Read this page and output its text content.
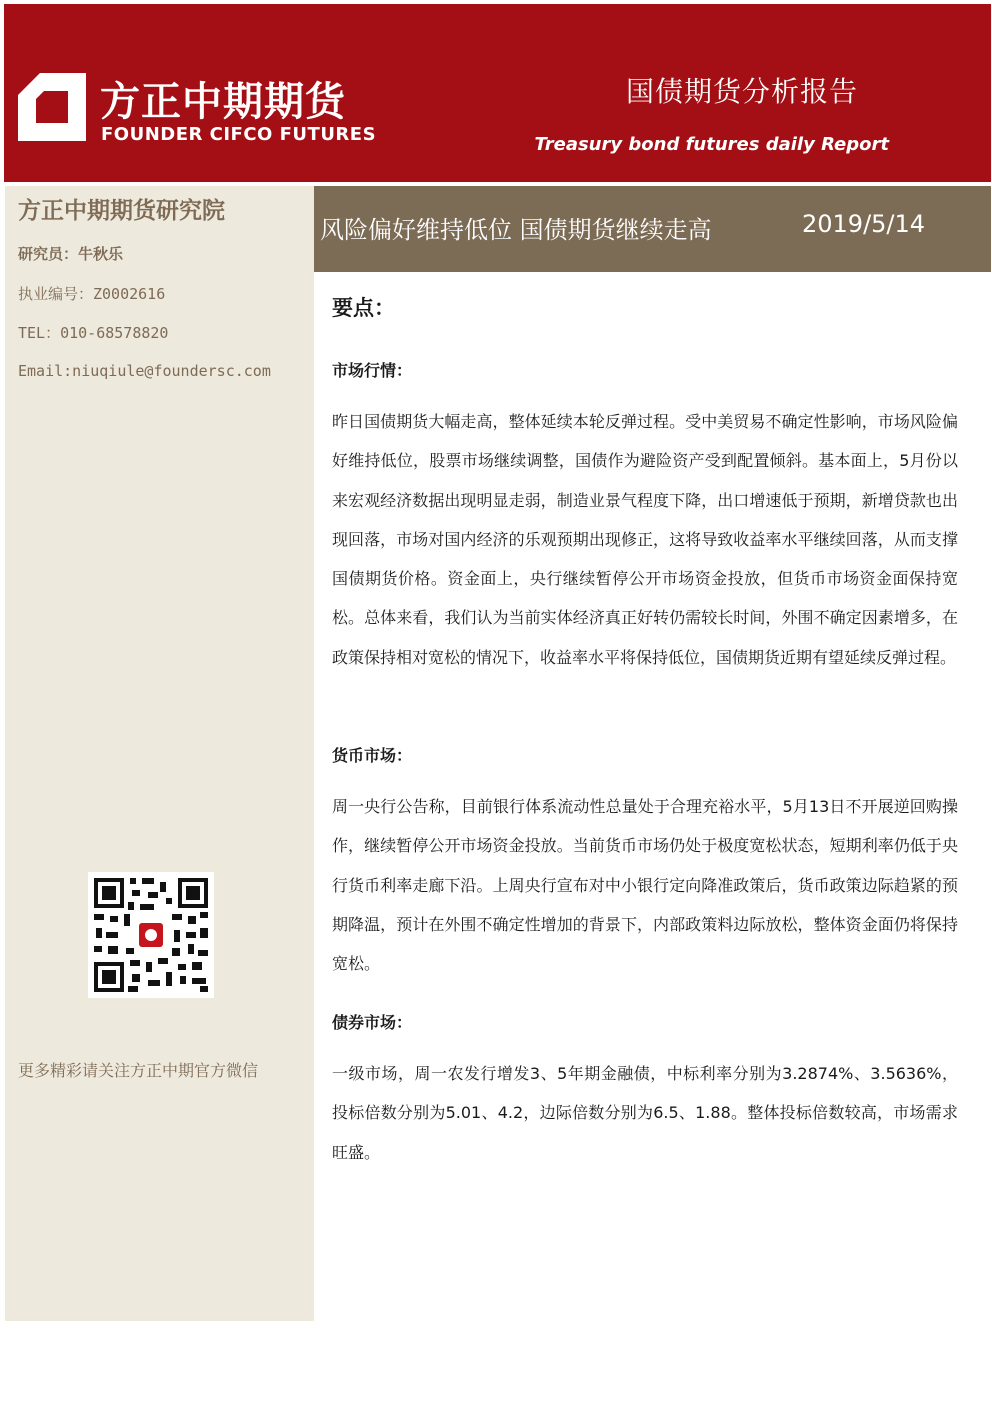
方正中期期货
FOUNDER CIFCO FUTURES
国债期货分析报告
Treasury bond futures daily Report
方正中期期货研究院
研究员：牛秋乐
执业编号：Z0002616
TEL：010-68578820
Email:niuqiule@foundersc.com
更多精彩请关注方正中期官方微信
风险偏好维持低位 国债期货继续走高	2019/5/14
要点：
市场行情：
昨日国债期货大幅走高，整体延续本轮反弹过程。受中美贸易不确定性影响，市场风险偏好维持低位，股票市场继续调整，国债作为避险资产受到配置倾斜。基本面上，5月份以来宏观经济数据出现明显走弱，制造业景气程度下降，出口增速低于预期，新增贷款也出现回落，市场对国内经济的乐观预期出现修正，这将导致收益率水平继续回落，从而支撑国债期货价格。资金面上，央行继续暂停公开市场资金投放，但货币市场资金面保持宽松。总体来看，我们认为当前实体经济真正好转仍需较长时间，外围不确定因素增多，在政策保持相对宽松的情况下，收益率水平将保持低位，国债期货近期有望延续反弹过程。
货币市场：
周一央行公告称，目前银行体系流动性总量处于合理充裕水平，5月13日不开展逆回购操作，继续暂停公开市场资金投放。当前货币市场仍处于极度宽松状态，短期利率仍低于央行货币利率走廊下沿。上周央行宣布对中小银行定向降准政策后，货币政策边际趋紧的预期降温，预计在外围不确定性增加的背景下，内部政策料边际放松，整体资金面仍将保持宽松。
债券市场：
一级市场，周一农发行增发3、5年期金融债，中标利率分别为3.2874%、3.5636%，投标倍数分别为5.01、4.2，边际倍数分别为6.5、1.88。整体投标倍数较高，市场需求旺盛。
